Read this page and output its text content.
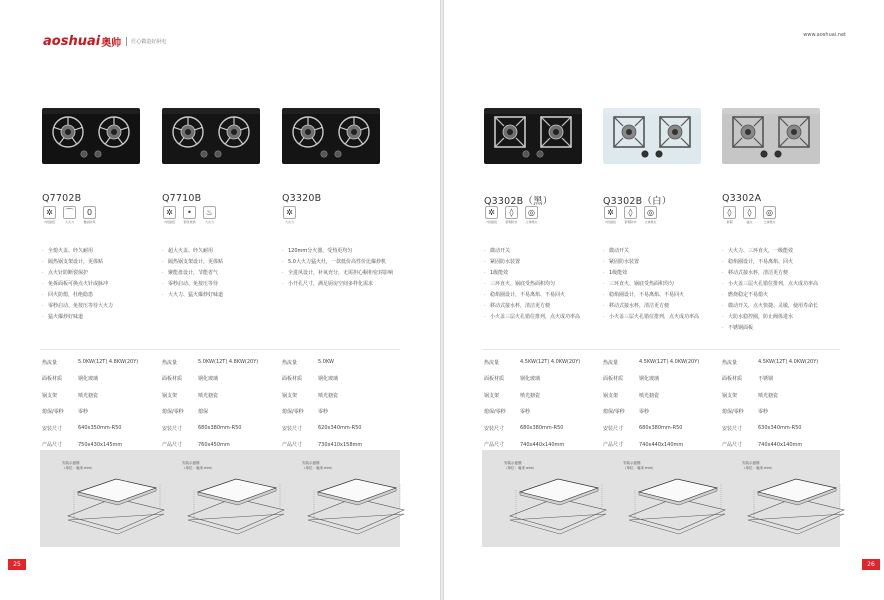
aoshuai 奥帅 匠心做造好厨电
25
www.aoshuai.net
26
Q7702B
✲
7档旋钮
⌒
大火力
0
聚能防风
· 全熄火盖、经久耐用
· 隔热锅支架设计，更体贴
· 点火针防断裂保护
· 免拆面板可换点火针或脉冲
· 回火防熄，杜绝隐患
· 零秒启动、免按压等待大火力
· 猛火爆炒好味道
热流量	5.0KW(12T) 4.8KW(20Y)
面板材质	钢化玻璃
锅支架	喷光搪瓷
熄保/零秒	零秒
安装尺寸	640x350mm-R50
产品尺寸	750x430x145mm
安装示意图
（单位：毫米 mm）
Q7710B
✲
7档旋钮
•
钢化玻璃
♨
大火力
· 超大火盖、经久耐用
· 隔热锅支架设计，更体贴
· 聚能盘设计，节能省气
· 零秒启动、免按压等待
· 大火力、猛火爆炒好味道
热流量	5.0KW(12T) 4.8KW(20Y)
面板材质	钢化玻璃
锅支架	喷光搪瓷
熄保/零秒	熄保
安装尺寸	680x380mm-R50
产品尺寸	760x450mm
安装示意图
（单位：毫米 mm）
Q3320B
✲
大火力
· 120mm分火器，受热更均匀
· 5.0大火力猛火灶，一款低价高性价比爆炒机
· 全进风设计，补氧充分，无需担心橱柜密封影响
· 小开孔尺寸，满足厨房空间多样化需求
热流量	5.0KW
面板材质	钢化玻璃
锅支架	喷光搪瓷
熄保/零秒	零秒
安装尺寸	620x340mm-R50
产品尺寸	730x410x158mm
安装示意图
（单位：毫米 mm）
Q3302B（黑）
✲
7档旋钮
◊
紫铜防水
◎
立体燃火
· 微动开关
· 紧固防水装置
· 1级能效
· 三环直火、锅底受热面积均匀
· 稳焰圈设计，不易离焰、不易回火
· 移动式接水杯，清洁更方便
· 小火盖三层火孔错位排列，点火成功率高
热流量	4.5KW(12T) 4.0KW(20Y)
面板材质	钢化玻璃
锅支架	喷光搪瓷
熄保/零秒	零秒
安装尺寸	680x380mm-R50
产品尺寸	740x440x140mm
安装示意图
（单位：毫米 mm）
Q3302B（白）
✲
7档旋钮
◊
紫铜防水
◎
立体燃火
· 微动开关
· 紧固防水装置
· 1级能效
· 三环直火、锅底受热面积均匀
· 稳焰圈设计，不易离焰、不易回火
· 移动式接水杯，清洁更方便
· 小火盖三层火孔错位排列，点火成功率高
热流量	4.5KW(12T) 4.0KW(20Y)
面板材质	钢化玻璃
锅支架	喷光搪瓷
熄保/零秒	零秒
安装尺寸	680x380mm-R50
产品尺寸	740x440x140mm
安装示意图
（单位：毫米 mm）
Q3302A
◊
紫铜
◊
猛火
◎
立体燃火
· 大火力、三环直火，一级能效
· 稳焰圈设计，不易离焰、回火
· 移动式接水杯，清洁更方便
· 小火盖三层火孔错位排列，点火成功率高
· 燃烧稳定不易熄火
· 微动开关，点火快捷、灵敏，使用寿命长
· 大防水稳控圈，防止阀体进水
· 不锈钢面板
热流量	4.5KW(12T) 4.0KW(20Y)
面板材质	不锈钢
锅支架	喷光搪瓷
熄保/零秒	零秒
安装尺寸	630x340mm-R50
产品尺寸	740x440x140mm
安装示意图
（单位：毫米 mm）
